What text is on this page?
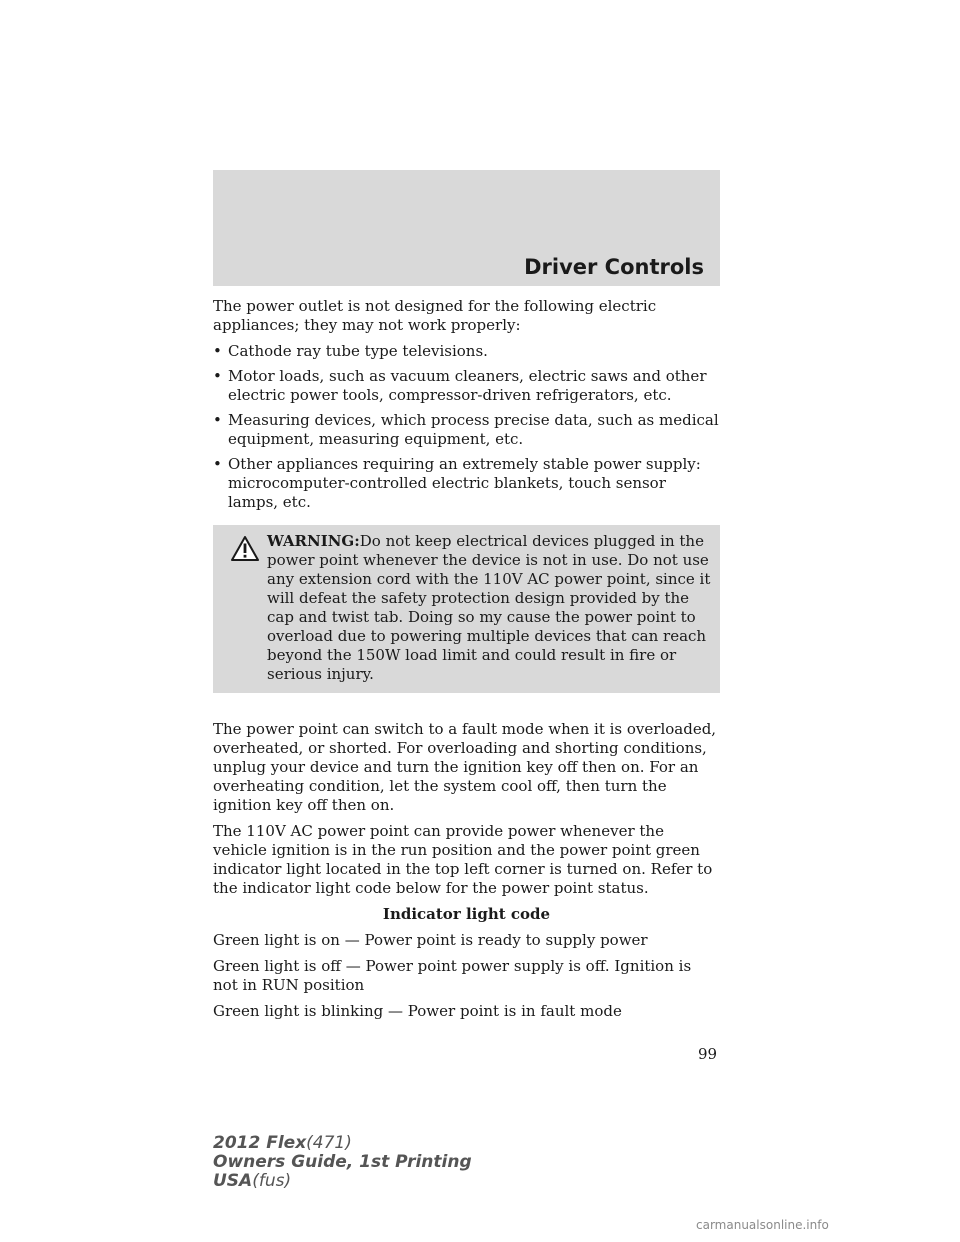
Driver Controls

The power outlet is not designed for the following electric appliances; they may not work properly:

• Cathode ray tube type televisions.
• Motor loads, such as vacuum cleaners, electric saws and other electric power tools, compressor-driven refrigerators, etc.
• Measuring devices, which process precise data, such as medical equipment, measuring equipment, etc.
• Other appliances requiring an extremely stable power supply: microcomputer-controlled electric blankets, touch sensor lamps, etc.
WARNING:Do not keep electrical devices plugged in the power point whenever the device is not in use. Do not use any extension cord with the 110V AC power point, since it will defeat the safety protection design provided by the cap and twist tab. Doing so my cause the power point to overload due to powering multiple devices that can reach beyond the 150W load limit and could result in fire or serious injury.

The power point can switch to a fault mode when it is overloaded, overheated, or shorted. For overloading and shorting conditions, unplug your device and turn the ignition key off then on. For an overheating condition, let the system cool off, then turn the ignition key off then on.

The 110V AC power point can provide power whenever the vehicle ignition is in the run position and the power point green indicator light located in the top left corner is turned on. Refer to the indicator light code below for the power point status.

Indicator light code

Green light is on — Power point is ready to supply power

Green light is off — Power point power supply is off. Ignition is not in RUN position

Green light is blinking — Power point is in fault mode

99
2012 Flex(471)
Owners Guide, 1st Printing
USA(fus)
carmanualsonline.info
